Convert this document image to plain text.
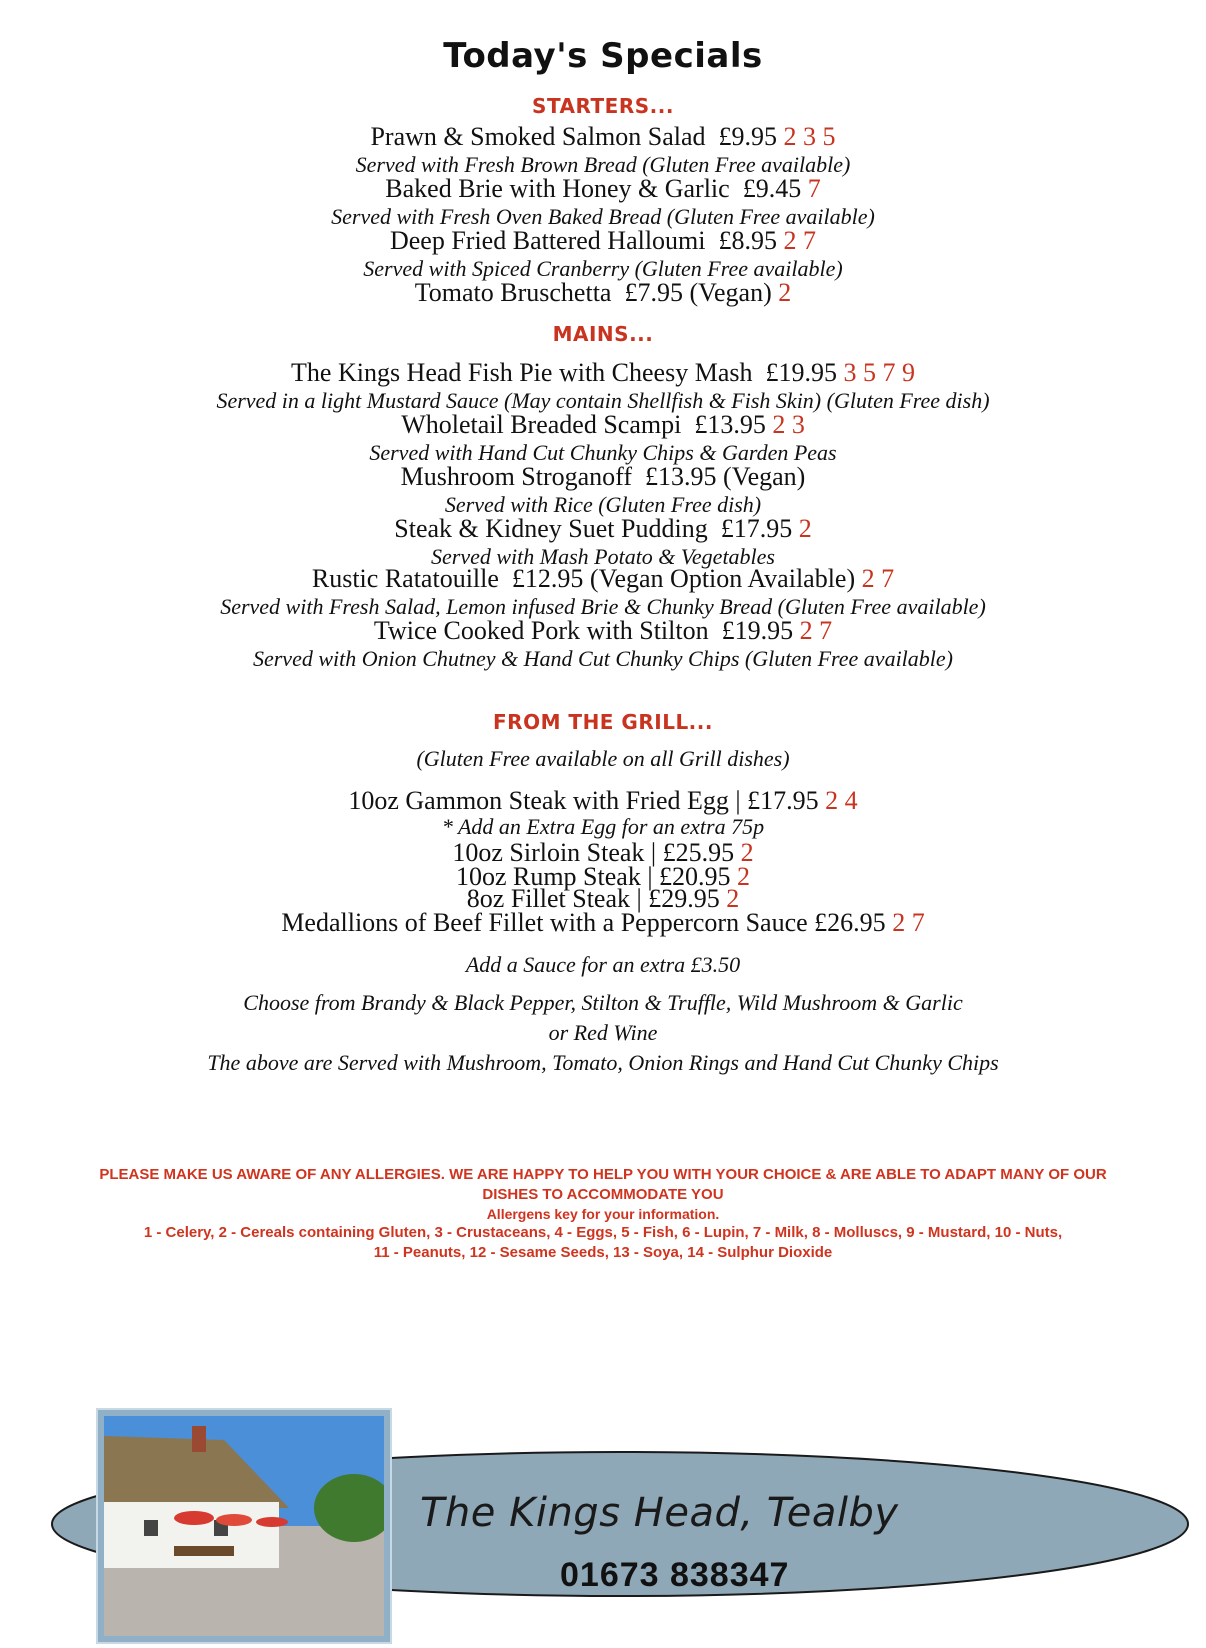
Today's Specials
STARTERS...
Prawn & Smoked Salmon Salad £9.95 2 3 5
Served with Fresh Brown Bread (Gluten Free available)
Baked Brie with Honey & Garlic £9.45 7
Served with Fresh Oven Baked Bread (Gluten Free available)
Deep Fried Battered Halloumi £8.95 2 7
Served with Spiced Cranberry (Gluten Free available)
Tomato Bruschetta £7.95 (Vegan) 2
MAINS...
The Kings Head Fish Pie with Cheesy Mash £19.95 3 5 7 9
Served in a light Mustard Sauce (May contain Shellfish & Fish Skin) (Gluten Free dish)
Wholetail Breaded Scampi £13.95 2 3
Served with Hand Cut Chunky Chips & Garden Peas
Mushroom Stroganoff £13.95 (Vegan)
Served with Rice (Gluten Free dish)
Steak & Kidney Suet Pudding £17.95 2
Served with Mash Potato & Vegetables
Rustic Ratatouille £12.95 (Vegan Option Available) 2 7
Served with Fresh Salad, Lemon infused Brie & Chunky Bread (Gluten Free available)
Twice Cooked Pork with Stilton £19.95 2 7
Served with Onion Chutney & Hand Cut Chunky Chips (Gluten Free available)
FROM THE GRILL...
(Gluten Free available on all Grill dishes)
10oz Gammon Steak with Fried Egg | £17.95 2 4
* Add an Extra Egg for an extra 75p
10oz Sirloin Steak | £25.95 2
10oz Rump Steak | £20.95 2
8oz Fillet Steak | £29.95 2
Medallions of Beef Fillet with a Peppercorn Sauce £26.95 2 7
Add a Sauce for an extra £3.50
Choose from Brandy & Black Pepper, Stilton & Truffle, Wild Mushroom & Garlic
or Red Wine
The above are Served with Mushroom, Tomato, Onion Rings and Hand Cut Chunky Chips
PLEASE MAKE US AWARE OF ANY ALLERGIES. WE ARE HAPPY TO HELP YOU WITH YOUR CHOICE & ARE ABLE TO ADAPT MANY OF OUR
DISHES TO ACCOMMODATE YOU
Allergens key for your information.
1 - Celery, 2 - Cereals containing Gluten, 3 - Crustaceans, 4 - Eggs, 5 - Fish, 6 - Lupin, 7 - Milk, 8 - Molluscs, 9 - Mustard, 10 - Nuts,
11 - Peanuts, 12 - Sesame Seeds, 13 - Soya, 14 - Sulphur Dioxide
The Kings Head, Tealby
01673 838347
